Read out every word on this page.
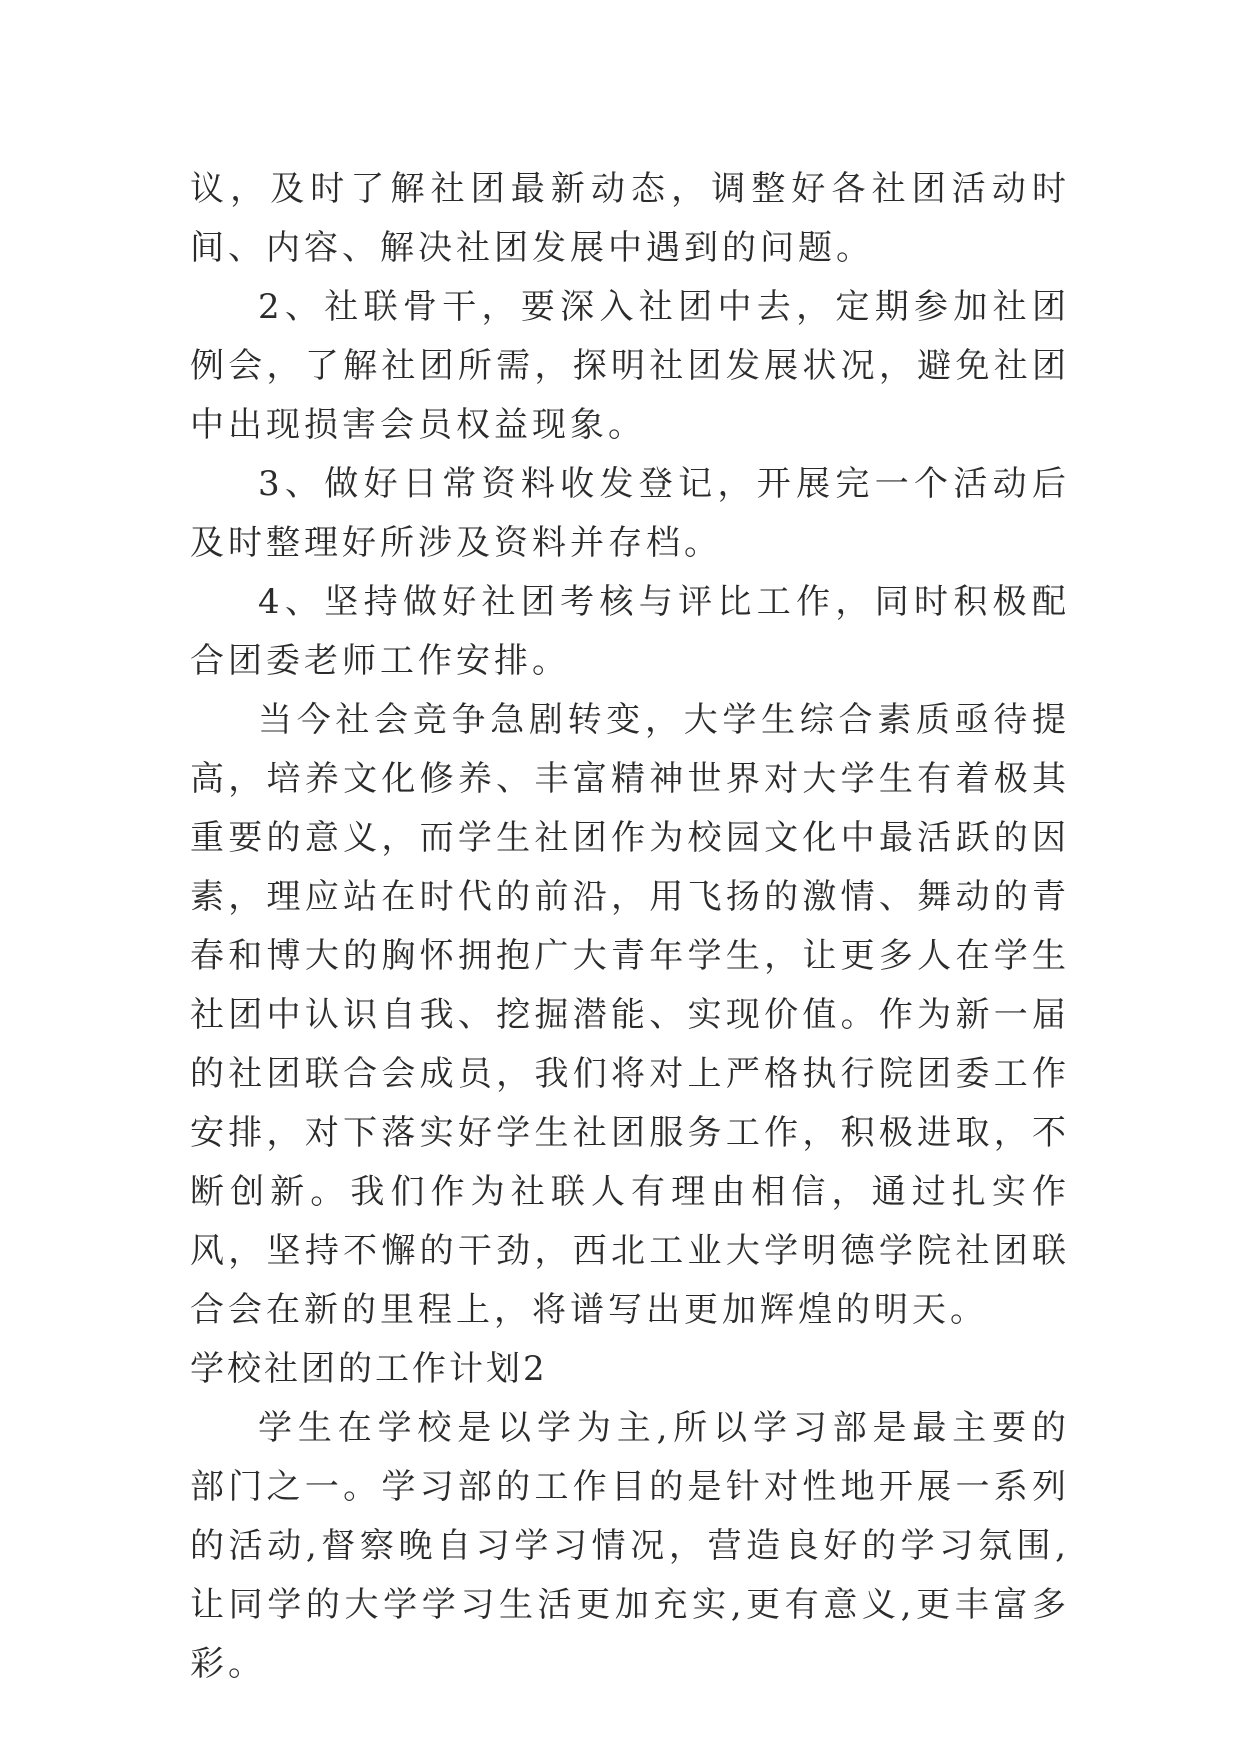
议，及时了解社团最新动态，调整好各社团活动时间、内容、解决社团发展中遇到的问题。

2、社联骨干，要深入社团中去，定期参加社团例会，了解社团所需，探明社团发展状况，避免社团中出现损害会员权益现象。

3、做好日常资料收发登记，开展完一个活动后及时整理好所涉及资料并存档。

4、坚持做好社团考核与评比工作，同时积极配合团委老师工作安排。

当今社会竞争急剧转变，大学生综合素质亟待提高，培养文化修养、丰富精神世界对大学生有着极其重要的意义，而学生社团作为校园文化中最活跃的因素，理应站在时代的前沿，用飞扬的激情、舞动的青春和博大的胸怀拥抱广大青年学生，让更多人在学生社团中认识自我、挖掘潜能、实现价值。作为新一届的社团联合会成员，我们将对上严格执行院团委工作安排，对下落实好学生社团服务工作，积极进取，不断创新。我们作为社联人有理由相信，通过扎实作风，坚持不懈的干劲，西北工业大学明德学院社团联合会在新的里程上，将谱写出更加辉煌的明天。

学校社团的工作计划2

学生在学校是以学为主,所以学习部是最主要的部门之一。学习部的工作目的是针对性地开展一系列的活动,督察晚自习学习情况，营造良好的学习氛围,让同学的大学学习生活更加充实,更有意义,更丰富多彩。
